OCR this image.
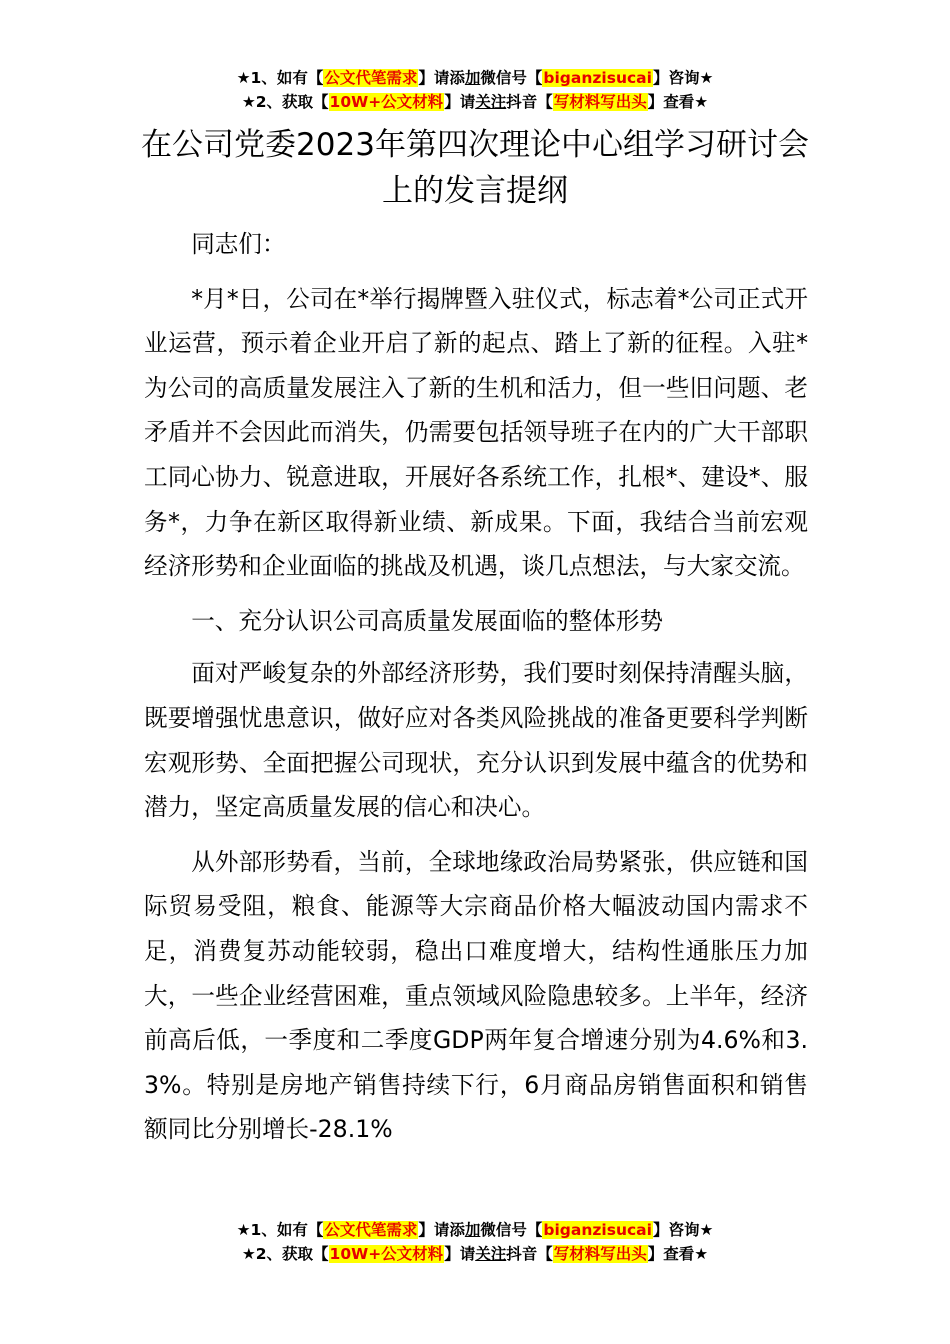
★1、如有【公文代笔需求】请添加微信号【biganzisucai】咨询★
★2、获取【10W+公文材料】请关注抖音【写材料写出头】查看★
在公司党委2023年第四次理论中心组学习研讨会上的发言提纲

同志们：

*月*日，公司在*举行揭牌暨入驻仪式，标志着*公司正式开业运营，预示着企业开启了新的起点、踏上了新的征程。入驻*为公司的高质量发展注入了新的生机和活力，但一些旧问题、老矛盾并不会因此而消失，仍需要包括领导班子在内的广大干部职工同心协力、锐意进取，开展好各系统工作，扎根*、建设*、服务*，力争在新区取得新业绩、新成果。下面，我结合当前宏观经济形势和企业面临的挑战及机遇，谈几点想法，与大家交流。

一、充分认识公司高质量发展面临的整体形势

面对严峻复杂的外部经济形势，我们要时刻保持清醒头脑，既要增强忧患意识，做好应对各类风险挑战的准备更要科学判断宏观形势、全面把握公司现状，充分认识到发展中蕴含的优势和潜力，坚定高质量发展的信心和决心。

从外部形势看，当前，全球地缘政治局势紧张，供应链和国际贸易受阻，粮食、能源等大宗商品价格大幅波动国内需求不足，消费复苏动能较弱，稳出口难度增大，结构性通胀压力加大，一些企业经营困难，重点领域风险隐患较多。上半年，经济前高后低，一季度和二季度GDP两年复合增速分别为4.6%和3.3%。特别是房地产销售持续下行，6月商品房销售面积和销售额同比分别增长-28.1%

★1、如有【公文代笔需求】请添加微信号【biganzisucai】咨询★
★2、获取【10W+公文材料】请关注抖音【写材料写出头】查看★
